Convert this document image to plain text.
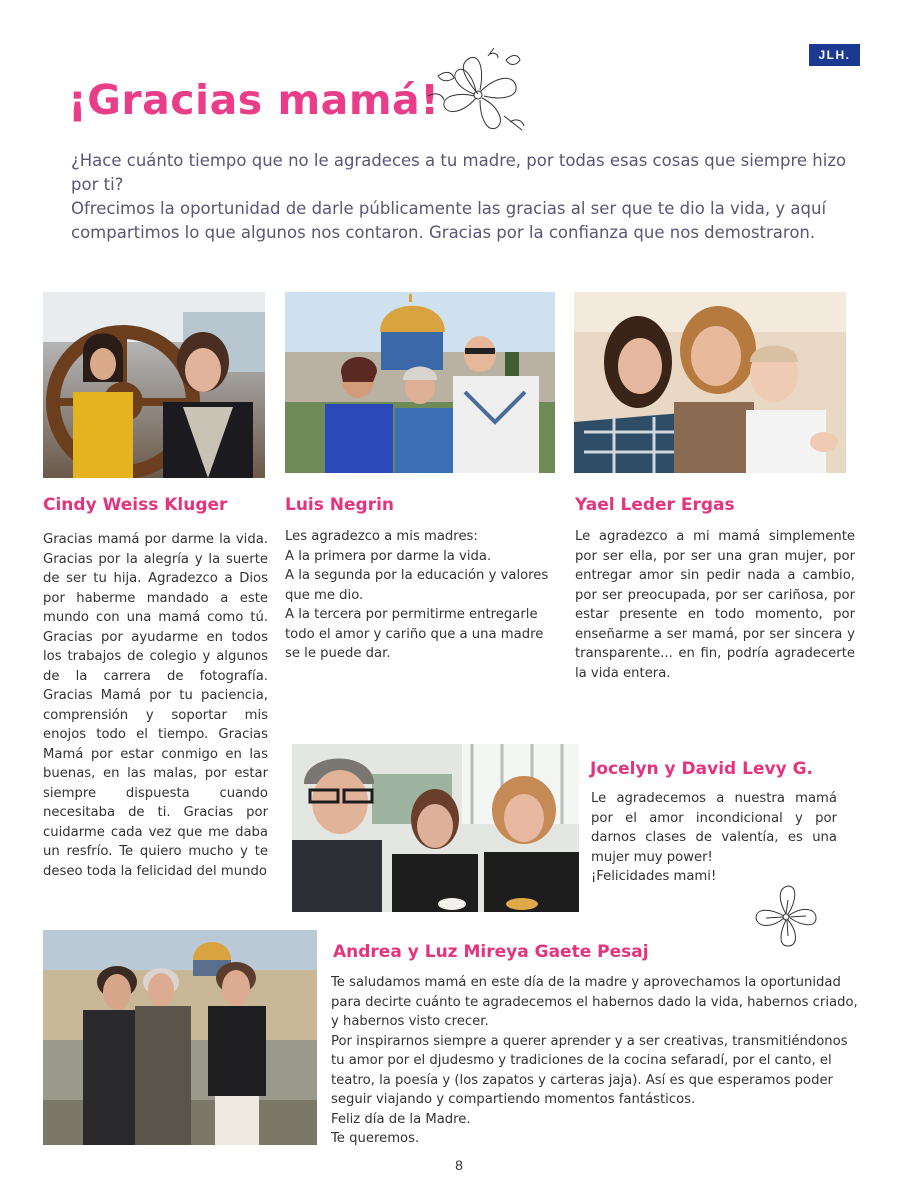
JLH.
¡Gracias mamá!

¿Hace cuánto tiempo que no le agradeces a tu madre, por todas esas cosas que siempre hizo por ti?

Ofrecimos la oportunidad de darle públicamente las gracias al ser que te dio la vida, y aquí compartimos lo que algunos nos contaron. Gracias por la confianza que nos demostraron.

Cindy Weiss Kluger	Luis Negrin	Yael Leder Ergas
Gracias mamá por darme la vida. Gracias por la alegría y la suerte de ser tu hija. Agradezco a Dios por haberme mandado a este mundo con una mamá como tú. Gracias por ayudarme en todos los trabajos de colegio y algunos de la carrera de fotografía. Gracias Mamá por tu paciencia, comprensión y soportar mis enojos todo el tiempo. Gracias Mamá por estar conmigo en las buenas, en las malas, por estar siempre dispuesta cuando necesitaba de ti. Gracias por cuidarme cada vez que me daba un resfrío. Te quiero mucho y te deseo toda la felicidad del mundo

Les agradezco a mis madres:

A la primera por darme la vida.

A la segunda por la educación y valores que me dio.

A la tercera por permitirme entregarle todo el amor y cariño que a una madre se le puede dar.

Le agradezco a mi mamá simplemente por ser ella, por ser una gran mujer, por entregar amor sin pedir nada a cambio, por ser preocupada, por ser cariñosa, por estar presente en todo momento, por enseñarme a ser mamá, por ser sincera y transparente... en fin, podría agradecerte la vida entera.
Jocelyn y David Levy G.

Le agradecemos a nuestra mamá por el amor incondicional y por darnos clases de valentía, es una mujer muy power!

¡Felicidades mami!

Andrea y Luz Mireya Gaete Pesaj

Te saludamos mamá en este día de la madre y aprovechamos la oportunidad para decirte cuánto te agradecemos el habernos dado la vida, habernos criado, y habernos visto crecer.

Por inspirarnos siempre a querer aprender y a ser creativas, transmitiéndonos tu amor por el djudesmo y tradiciones de la cocina sefaradí, por el canto, el teatro, la poesía y (los zapatos y carteras jaja). Así es que esperamos poder seguir viajando y compartiendo momentos fantásticos.

Feliz día de la Madre.

Te queremos.

8
